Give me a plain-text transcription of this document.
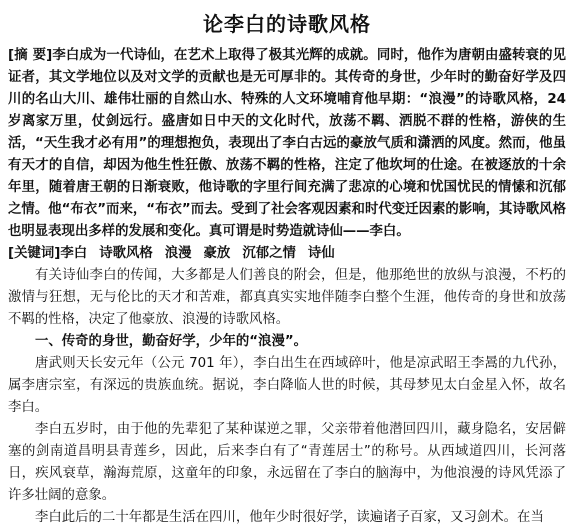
论李白的诗歌风格

[摘 要]李白成为一代诗仙，在艺术上取得了极其光辉的成就。同时，他作为唐朝由盛转衰的见证者，其文学地位以及对文学的贡献也是无可厚非的。其传奇的身世，少年时的勤奋好学及四川的名山大川、雄伟壮丽的自然山水、特殊的人文环境哺育他早期：“浪漫”的诗歌风格，24岁离家万里，仗剑远行。盛唐如日中天的文化时代，放荡不羁、洒脱不群的性格，游侠的生活，“天生我才必有用”的理想抱负，表现出了李白古远的豪放气质和潇洒的风度。然而，他虽有天才的自信，却因为他生性狂傲、放荡不羁的性格，注定了他坎坷的仕途。在被逐放的十余年里，随着唐王朝的日渐衰败，他诗歌的字里行间充满了悲凉的心境和忧国忧民的情愫和沉郁之情。他“布衣”而来，“布衣”而去。受到了社会客观因素和时代变迁因素的影响，其诗歌风格也明显表现出多样的发展和变化。真可谓是时势造就诗仙——李白。

[关键词]李白 诗歌风格 浪漫 豪放 沉郁之情 诗仙

有关诗仙李白的传闻，大多都是人们善良的附会，但是，他那绝世的放纵与浪漫，不朽的激情与狂想，无与伦比的天才和苦难，都真真实实地伴随李白整个生涯，他传奇的身世和放荡不羁的性格，决定了他豪放、浪漫的诗歌风格。

一、传奇的身世，勤奋好学，少年的“浪漫”。

唐武则天长安元年（公元 701 年），李白出生在西域碎叶，他是凉武昭王李暠的九代孙，属李唐宗室，有深远的贵族血统。据说，李白降临人世的时候，其母梦见太白金星入怀，故名李白。

李白五岁时，由于他的先辈犯了某种谋逆之罪，父亲带着他潜回四川，藏身隐名，安居僻塞的剑南道昌明县青莲乡，因此，后来李白有了“青莲居士”的称号。从西域道四川，长河落日，疾风衰草，瀚海荒原，这童年的印象，永远留在了李白的脑海中，为他浪漫的诗风凭添了许多壮阔的意象。

李白此后的二十年都是生活在四川，他年少时很好学，读遍诸子百家，又习剑术。在当
